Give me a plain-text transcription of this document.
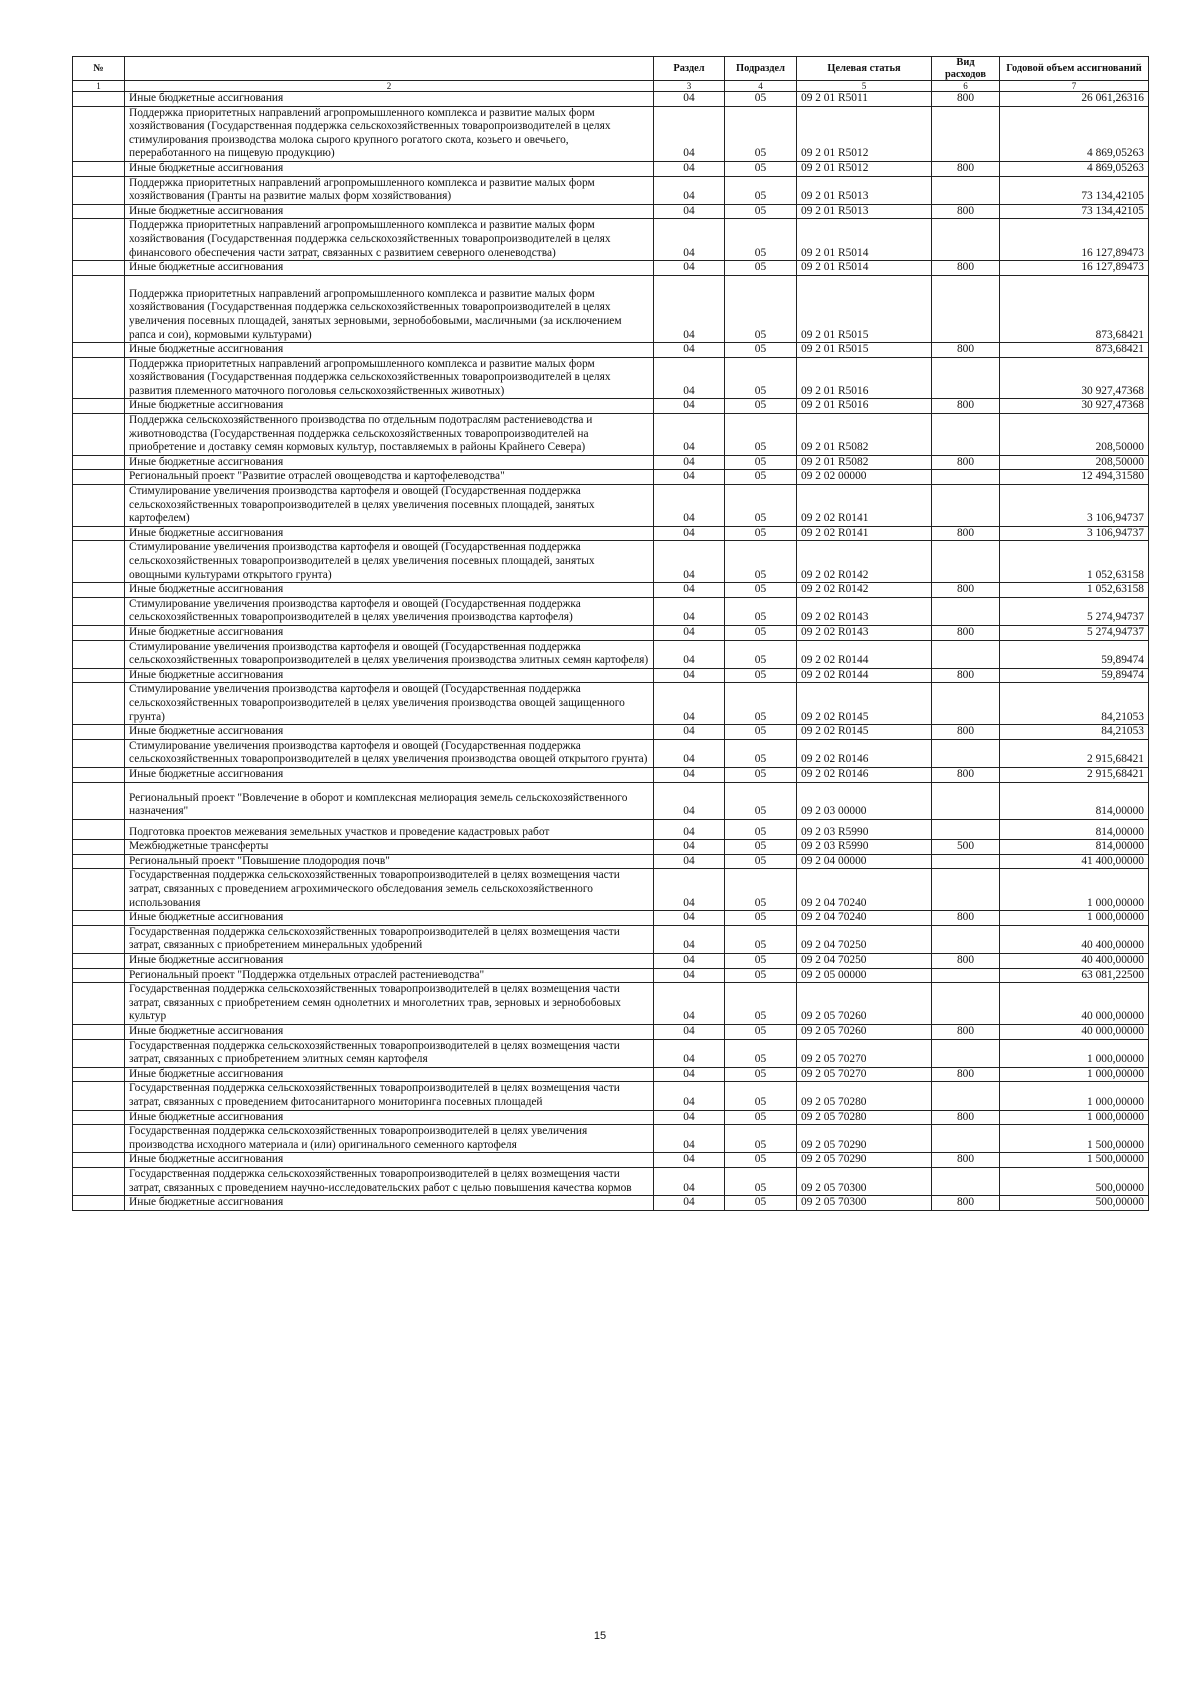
№		Раздел	Подраздел	Целевая статья	Вид расходов	Годовой объем ассигнований
1	2	3	4	5	6	7
	Иные бюджетные ассигнования	04	05	09 2 01 R5011	800	26 061,26316
	Поддержка приоритетных направлений агропромышленного комплекса и развитие малых форм хозяйствования (Государственная поддержка сельскохозяйственных товаропроизводителей в целях стимулирования производства молока сырого крупного рогатого скота, козьего и овечьего, переработанного на пищевую продукцию)	04	05	09 2 01 R5012		4 869,05263
	Иные бюджетные ассигнования	04	05	09 2 01 R5012	800	4 869,05263
	Поддержка приоритетных направлений агропромышленного комплекса и развитие малых форм хозяйствования (Гранты на развитие малых форм хозяйствования)	04	05	09 2 01 R5013		73 134,42105
	Иные бюджетные ассигнования	04	05	09 2 01 R5013	800	73 134,42105
	Поддержка приоритетных направлений агропромышленного комплекса и развитие малых форм хозяйствования (Государственная поддержка сельскохозяйственных товаропроизводителей в целях финансового обеспечения части затрат, связанных с развитием северного оленеводства)	04	05	09 2 01 R5014		16 127,89473
	Иные бюджетные ассигнования	04	05	09 2 01 R5014	800	16 127,89473
	Поддержка приоритетных направлений агропромышленного комплекса и развитие малых форм хозяйствования (Государственная поддержка сельскохозяйственных товаропроизводителей в целях увеличения посевных площадей, занятых зерновыми, зернобобовыми, масличными (за исключением рапса и сои), кормовыми культурами)	04	05	09 2 01 R5015		873,68421
	Иные бюджетные ассигнования	04	05	09 2 01 R5015	800	873,68421
	Поддержка приоритетных направлений агропромышленного комплекса и развитие малых форм хозяйствования (Государственная поддержка сельскохозяйственных товаропроизводителей в целях развития племенного маточного поголовья сельскохозяйственных животных)	04	05	09 2 01 R5016		30 927,47368
	Иные бюджетные ассигнования	04	05	09 2 01 R5016	800	30 927,47368
	Поддержка сельскохозяйственного производства по отдельным подотраслям растениеводства и животноводства (Государственная поддержка сельскохозяйственных товаропроизводителей на приобретение и доставку семян кормовых культур, поставляемых в районы Крайнего Севера)	04	05	09 2 01 R5082		208,50000
	Иные бюджетные ассигнования	04	05	09 2 01 R5082	800	208,50000
	Региональный проект "Развитие отраслей овощеводства и картофелеводства"	04	05	09 2 02 00000		12 494,31580
	Стимулирование увеличения производства картофеля и овощей (Государственная поддержка сельскохозяйственных товаропроизводителей в целях увеличения посевных площадей, занятых картофелем)	04	05	09 2 02 R0141		3 106,94737
	Иные бюджетные ассигнования	04	05	09 2 02 R0141	800	3 106,94737
	Стимулирование увеличения производства картофеля и овощей (Государственная поддержка сельскохозяйственных товаропроизводителей в целях увеличения посевных площадей, занятых овощными культурами открытого грунта)	04	05	09 2 02 R0142		1 052,63158
	Иные бюджетные ассигнования	04	05	09 2 02 R0142	800	1 052,63158
	Стимулирование увеличения производства картофеля и овощей (Государственная поддержка сельскохозяйственных товаропроизводителей в целях увеличения производства картофеля)	04	05	09 2 02 R0143		5 274,94737
	Иные бюджетные ассигнования	04	05	09 2 02 R0143	800	5 274,94737
	Стимулирование увеличения производства картофеля и овощей (Государственная поддержка сельскохозяйственных товаропроизводителей в целях увеличения производства элитных семян картофеля)	04	05	09 2 02 R0144		59,89474
	Иные бюджетные ассигнования	04	05	09 2 02 R0144	800	59,89474
	Стимулирование увеличения производства картофеля и овощей (Государственная поддержка сельскохозяйственных товаропроизводителей в целях увеличения производства овощей защищенного грунта)	04	05	09 2 02 R0145		84,21053
	Иные бюджетные ассигнования	04	05	09 2 02 R0145	800	84,21053
	Стимулирование увеличения производства картофеля и овощей (Государственная поддержка сельскохозяйственных товаропроизводителей в целях увеличения производства овощей открытого грунта)	04	05	09 2 02 R0146		2 915,68421
	Иные бюджетные ассигнования	04	05	09 2 02 R0146	800	2 915,68421
	Региональный проект "Вовлечение в оборот и комплексная мелиорация земель сельскохозяйственного назначения"	04	05	09 2 03 00000		814,00000
	Подготовка проектов межевания земельных участков и проведение кадастровых работ	04	05	09 2 03 R5990		814,00000
	Межбюджетные трансферты	04	05	09 2 03 R5990	500	814,00000
	Региональный проект "Повышение плодородия почв"	04	05	09 2 04 00000		41 400,00000
	Государственная поддержка сельскохозяйственных товаропроизводителей в целях возмещения части затрат, связанных с проведением агрохимического обследования земель сельскохозяйственного использования	04	05	09 2 04 70240		1 000,00000
	Иные бюджетные ассигнования	04	05	09 2 04 70240	800	1 000,00000
	Государственная поддержка сельскохозяйственных товаропроизводителей в целях возмещения части затрат, связанных с приобретением минеральных удобрений	04	05	09 2 04 70250		40 400,00000
	Иные бюджетные ассигнования	04	05	09 2 04 70250	800	40 400,00000
	Региональный проект "Поддержка отдельных отраслей растениеводства"	04	05	09 2 05 00000		63 081,22500
	Государственная поддержка сельскохозяйственных товаропроизводителей в целях возмещения части затрат, связанных с приобретением семян однолетних и многолетних трав, зерновых и зернобобовых культур	04	05	09 2 05 70260		40 000,00000
	Иные бюджетные ассигнования	04	05	09 2 05 70260	800	40 000,00000
	Государственная поддержка сельскохозяйственных товаропроизводителей в целях возмещения части затрат, связанных с приобретением элитных семян картофеля	04	05	09 2 05 70270		1 000,00000
	Иные бюджетные ассигнования	04	05	09 2 05 70270	800	1 000,00000
	Государственная поддержка сельскохозяйственных товаропроизводителей в целях возмещения части затрат, связанных с проведением фитосанитарного мониторинга посевных площадей	04	05	09 2 05 70280		1 000,00000
	Иные бюджетные ассигнования	04	05	09 2 05 70280	800	1 000,00000
	Государственная поддержка сельскохозяйственных товаропроизводителей в целях увеличения производства исходного материала и (или) оригинального семенного картофеля	04	05	09 2 05 70290		1 500,00000
	Иные бюджетные ассигнования	04	05	09 2 05 70290	800	1 500,00000
	Государственная поддержка сельскохозяйственных товаропроизводителей в целях возмещения части затрат, связанных с проведением научно-исследовательских работ с целью повышения качества кормов	04	05	09 2 05 70300		500,00000
	Иные бюджетные ассигнования	04	05	09 2 05 70300	800	500,00000
15
